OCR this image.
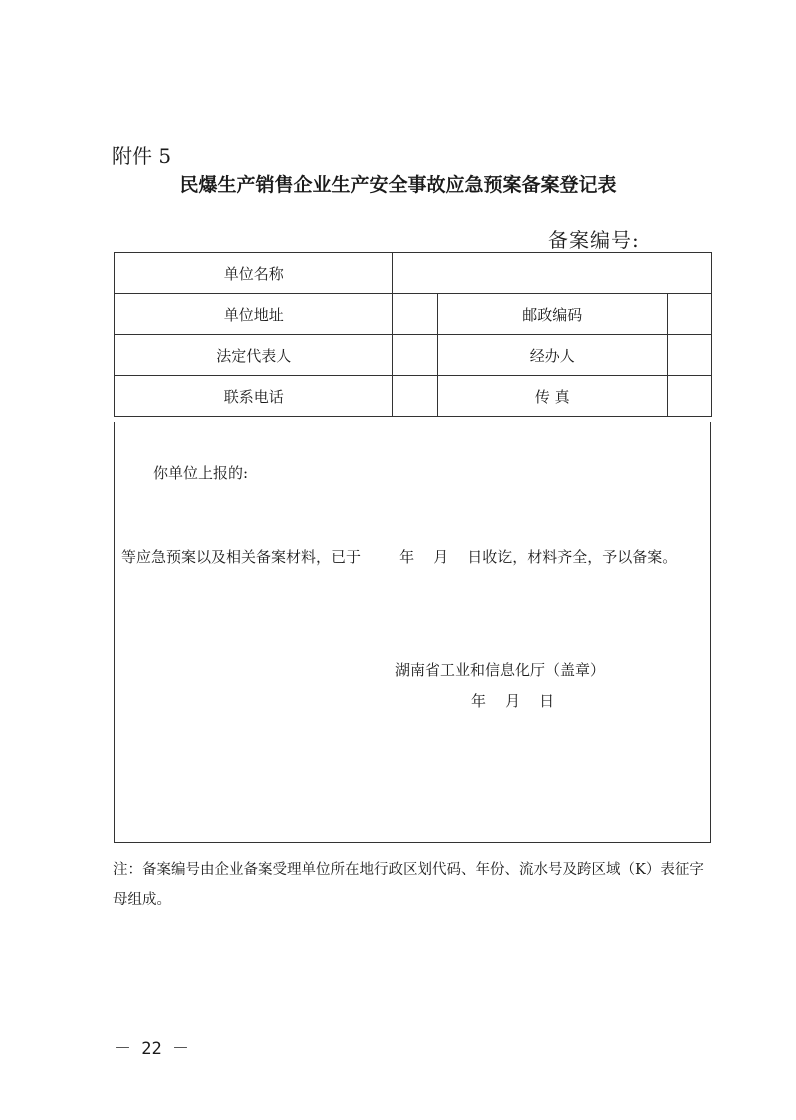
附件 5
民爆生产销售企业生产安全事故应急预案备案登记表
备案编号:
单位名称			
单位地址		邮政编码	
法定代表人		经办人	
联系电话		传 真	
你单位上报的:
等应急预案以及相关备案材料，已于        年    月    日收讫，材料齐全，予以备案。
湖南省工业和信息化厅（盖章）
年    月    日
注：备案编号由企业备案受理单位所在地行政区划代码、年份、流水号及跨区域（K）表征字母组成。
－ 22 －
